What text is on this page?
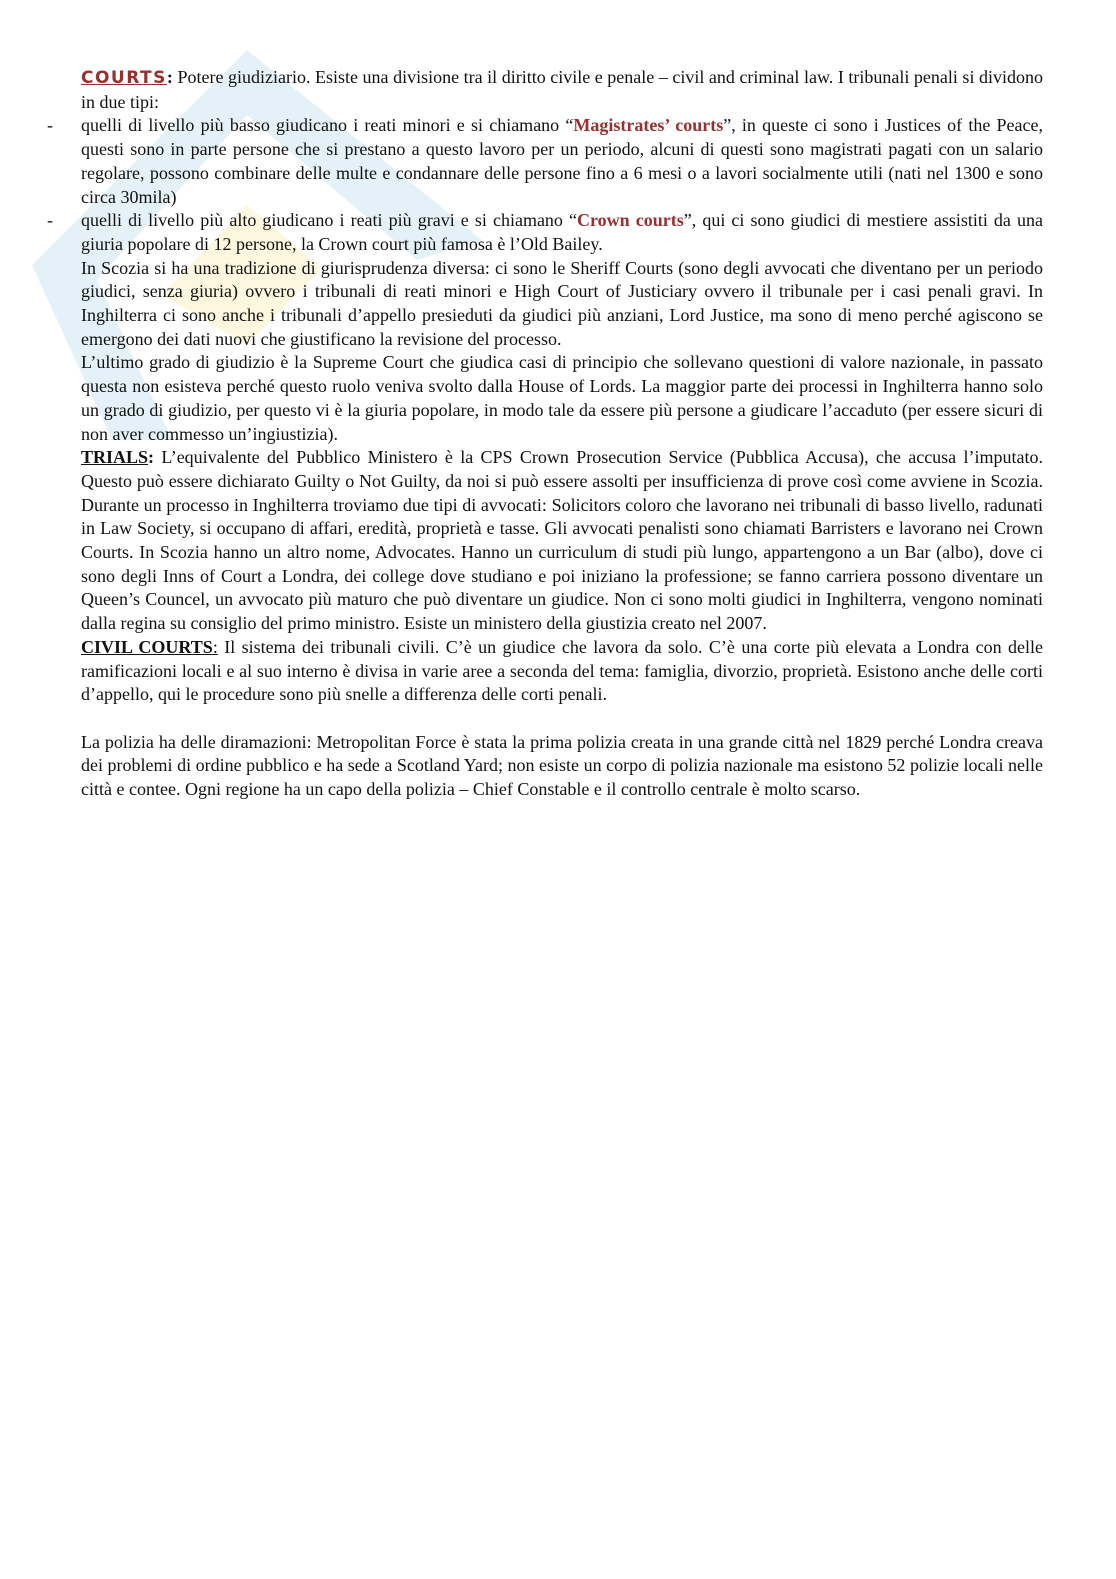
COURTS: Potere giudiziario. Esiste una divisione tra il diritto civile e penale – civil and criminal law. I tribunali penali si dividono in due tipi:

- quelli di livello più basso giudicano i reati minori e si chiamano “Magistrates’ courts”, in queste ci sono i Justices of the Peace, questi sono in parte persone che si prestano a questo lavoro per un periodo, alcuni di questi sono magistrati pagati con un salario regolare, possono combinare delle multe e condannare delle persone fino a 6 mesi o a lavori socialmente utili (nati nel 1300 e sono circa 30mila)

- quelli di livello più alto giudicano i reati più gravi e si chiamano “Crown courts”, qui ci sono giudici di mestiere assistiti da una giuria popolare di 12 persone, la Crown court più famosa è l’Old Bailey.

In Scozia si ha una tradizione di giurisprudenza diversa: ci sono le Sheriff Courts (sono degli avvocati che diventano per un periodo giudici, senza giuria) ovvero i tribunali di reati minori e High Court of Justiciary ovvero il tribunale per i casi penali gravi. In Inghilterra ci sono anche i tribunali d’appello presieduti da giudici più anziani, Lord Justice, ma sono di meno perché agiscono se emergono dei dati nuovi che giustificano la revisione del processo.

L’ultimo grado di giudizio è la Supreme Court che giudica casi di principio che sollevano questioni di valore nazionale, in passato questa non esisteva perché questo ruolo veniva svolto dalla House of Lords. La maggior parte dei processi in Inghilterra hanno solo un grado di giudizio, per questo vi è la giuria popolare, in modo tale da essere più persone a giudicare l’accaduto (per essere sicuri di non aver commesso un’ingiustizia).

TRIALS: L’equivalente del Pubblico Ministero è la CPS Crown Prosecution Service (Pubblica Accusa), che accusa l’imputato. Questo può essere dichiarato Guilty o Not Guilty, da noi si può essere assolti per insufficienza di prove così come avviene in Scozia. Durante un processo in Inghilterra troviamo due tipi di avvocati: Solicitors coloro che lavorano nei tribunali di basso livello, radunati in Law Society, si occupano di affari, eredità, proprietà e tasse. Gli avvocati penalisti sono chiamati Barristers e lavorano nei Crown Courts. In Scozia hanno un altro nome, Advocates. Hanno un curriculum di studi più lungo, appartengono a un Bar (albo), dove ci sono degli Inns of Court a Londra, dei college dove studiano e poi iniziano la professione; se fanno carriera possono diventare un Queen’s Councel, un avvocato più maturo che può diventare un giudice. Non ci sono molti giudici in Inghilterra, vengono nominati dalla regina su consiglio del primo ministro. Esiste un ministero della giustizia creato nel 2007.

CIVIL COURTS: Il sistema dei tribunali civili. C’è un giudice che lavora da solo. C’è una corte più elevata a Londra con delle ramificazioni locali e al suo interno è divisa in varie aree a seconda del tema: famiglia, divorzio, proprietà. Esistono anche delle corti d’appello, qui le procedure sono più snelle a differenza delle corti penali.

La polizia ha delle diramazioni: Metropolitan Force è stata la prima polizia creata in una grande città nel 1829 perché Londra creava dei problemi di ordine pubblico e ha sede a Scotland Yard; non esiste un corpo di polizia nazionale ma esistono 52 polizie locali nelle città e contee. Ogni regione ha un capo della polizia – Chief Constable e il controllo centrale è molto scarso.
